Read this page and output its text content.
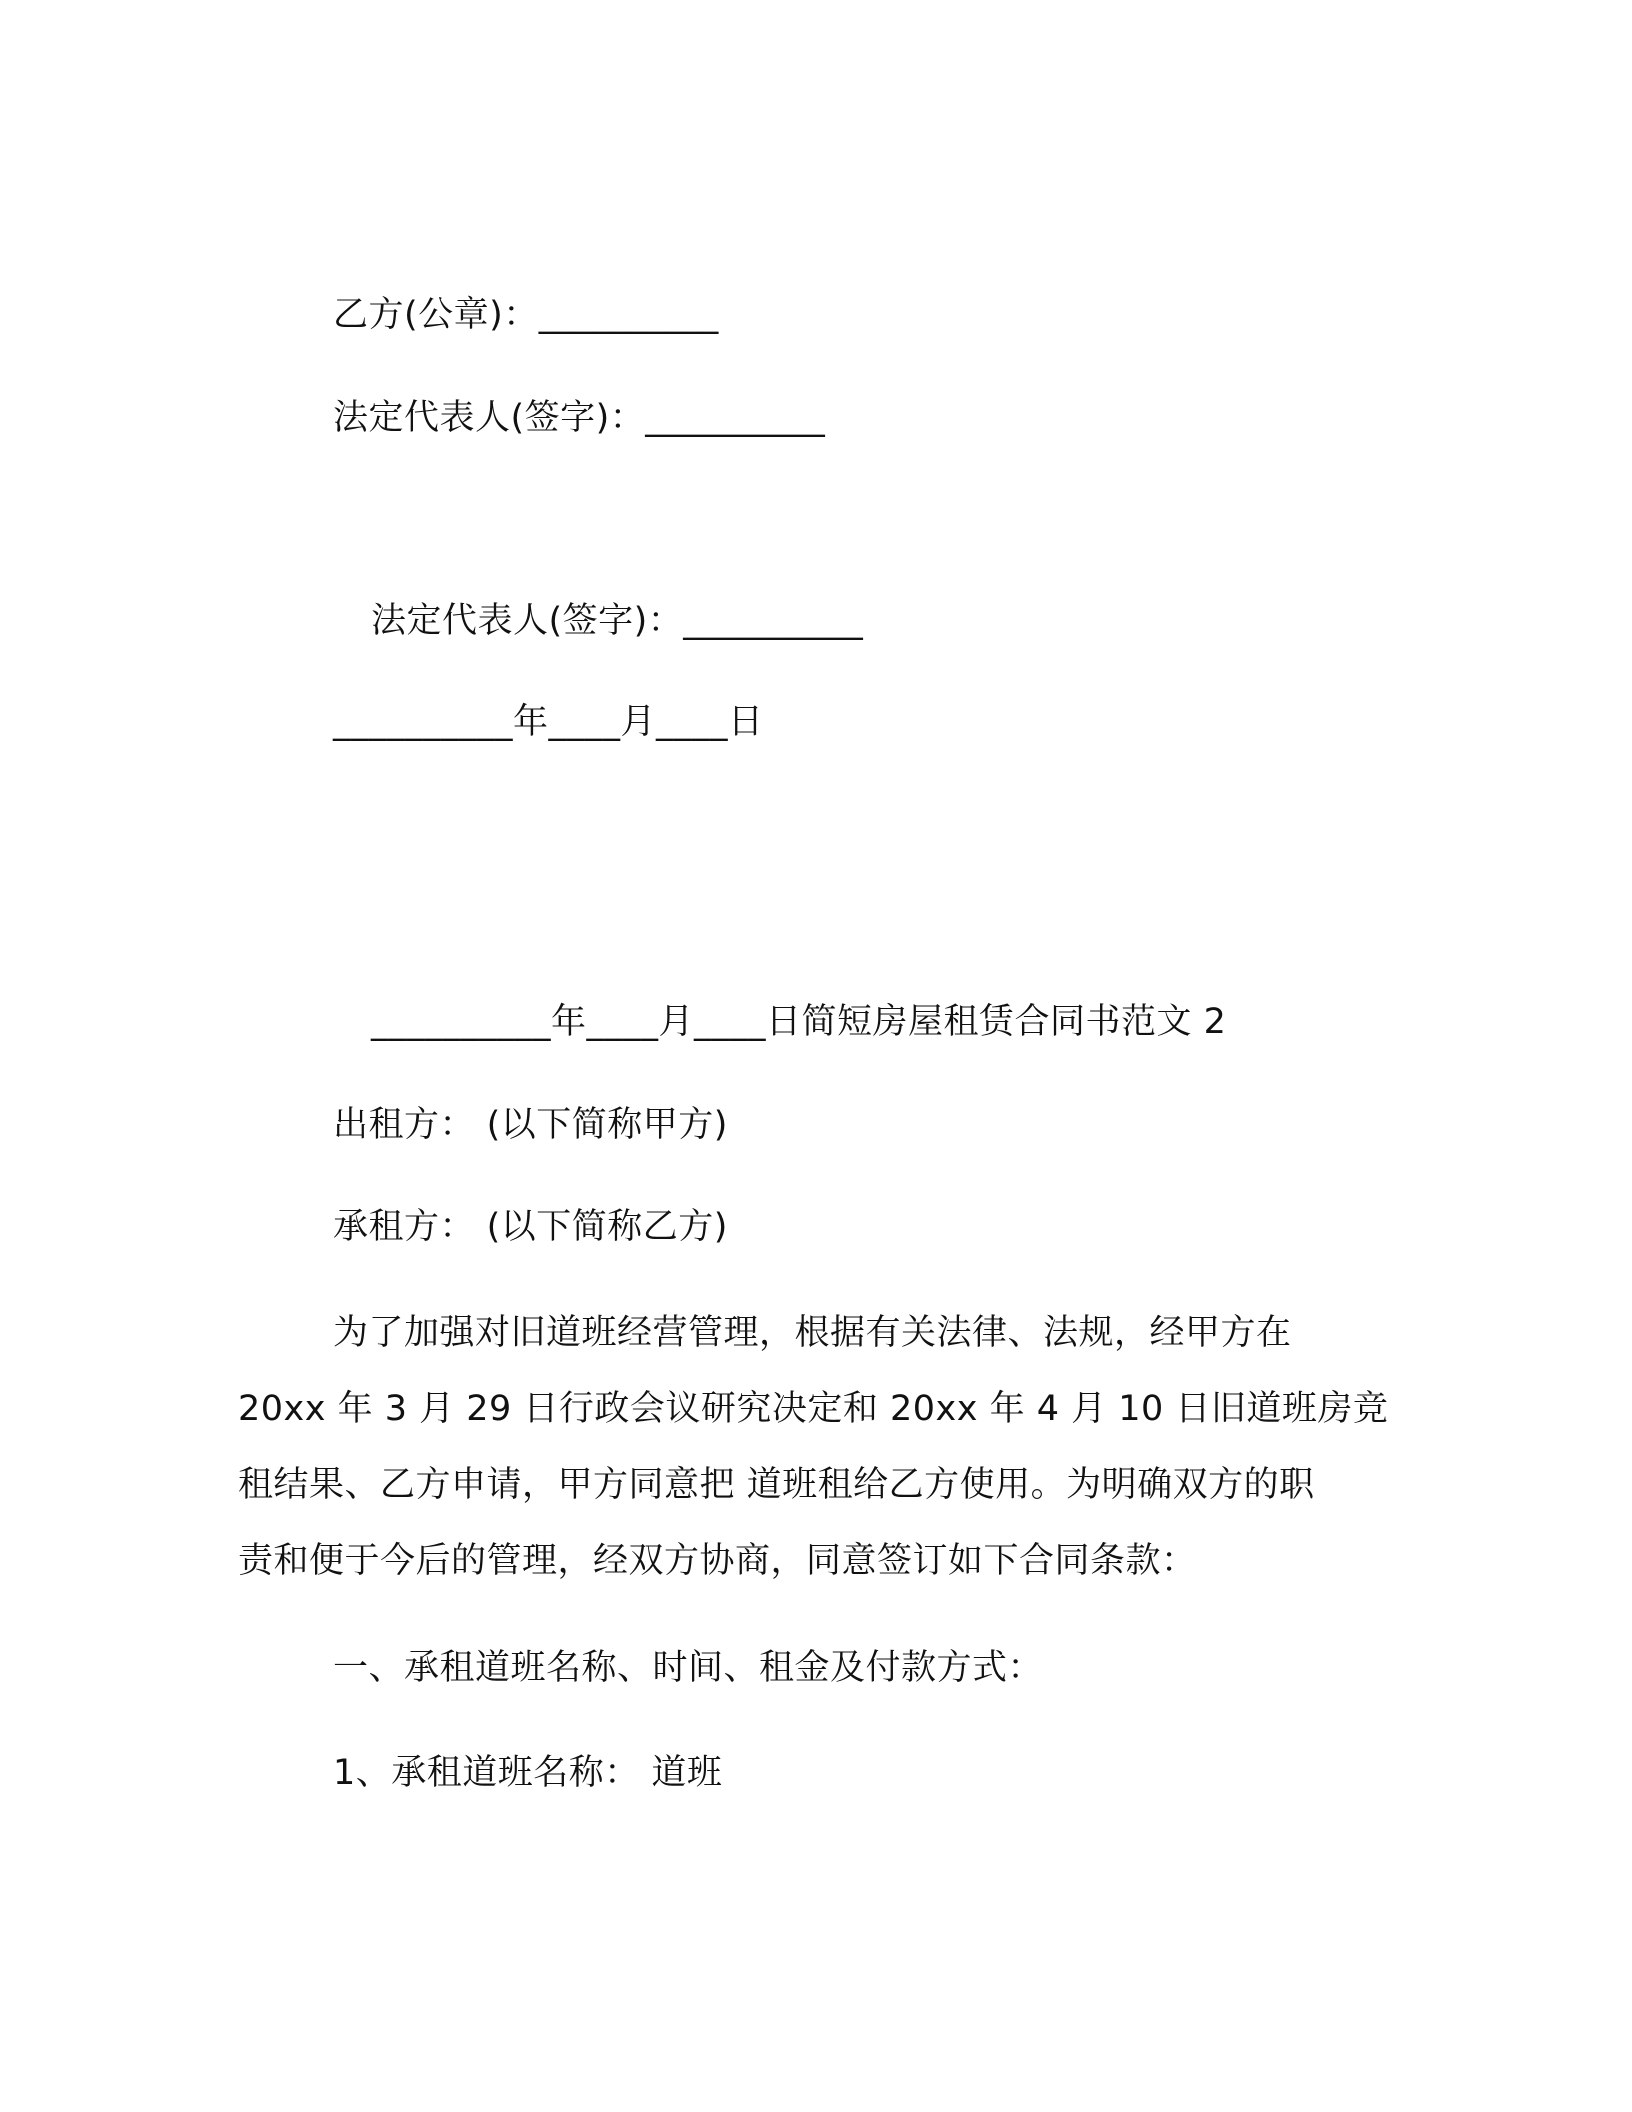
乙方(公章)：__________
法定代表人(签字)：__________
法定代表人(签字)：__________
__________年____月____日
__________年____月____日简短房屋租赁合同书范文 2
出租方： (以下简称甲方)
承租方： (以下简称乙方)
为了加强对旧道班经营管理，根据有关法律、法规，经甲方在
20xx 年 3 月 29 日行政会议研究决定和 20xx 年 4 月 10 日旧道班房竞
租结果、乙方申请，甲方同意把 道班租给乙方使用。为明确双方的职
责和便于今后的管理，经双方协商，同意签订如下合同条款：
一、承租道班名称、时间、租金及付款方式：
1、承租道班名称： 道班
